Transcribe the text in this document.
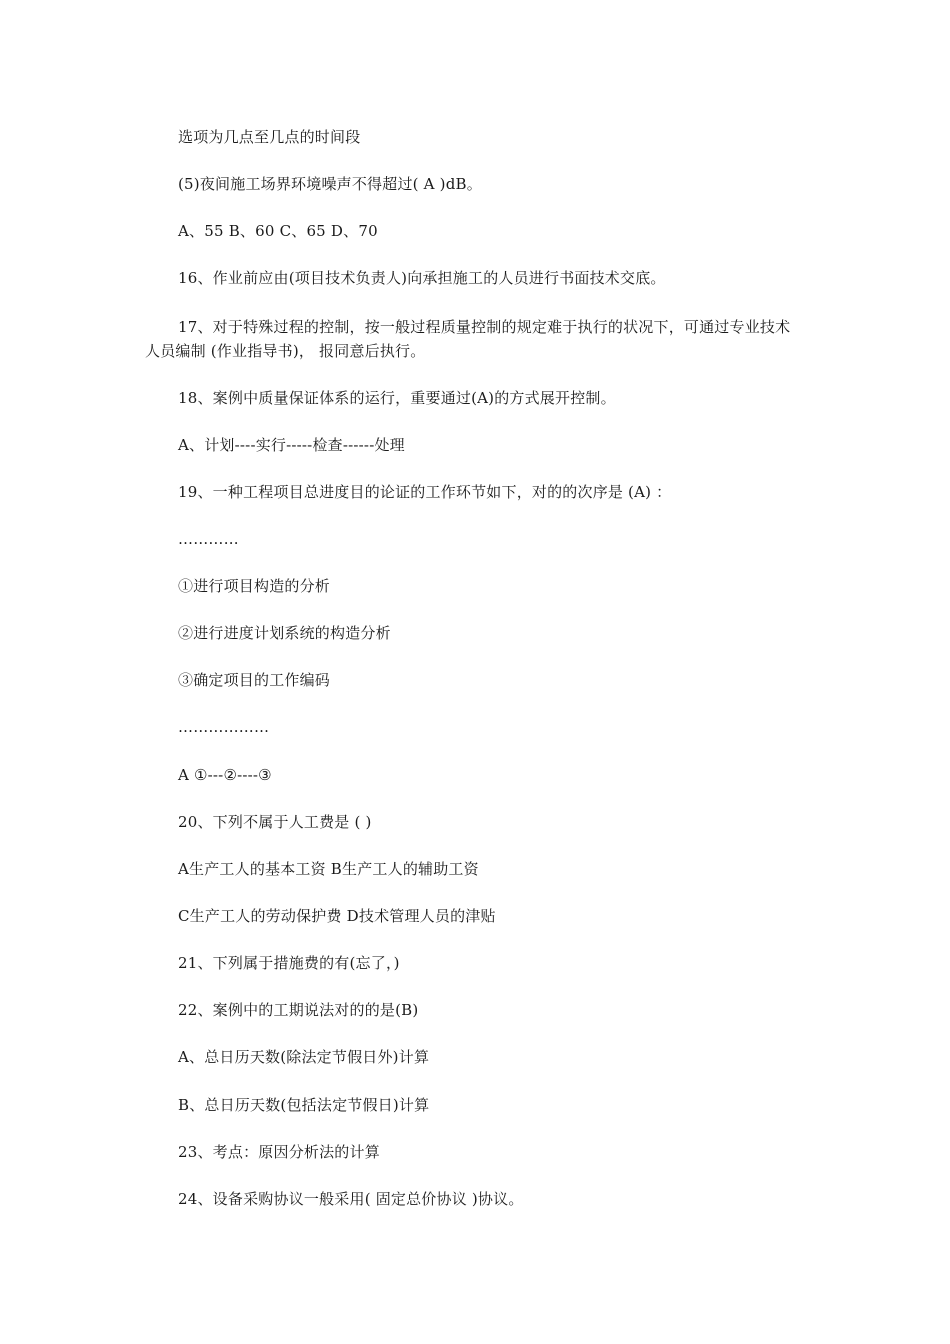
选项为几点至几点的时间段
(5)夜间施工场界环境噪声不得超过( A )dB。
A、55 B、60 C、65 D、70
16、作业前应由(项目技术负责人)向承担施工的人员进行书面技术交底。
17、对于特殊过程的控制，按一般过程质量控制的规定难于执行的状况下，可通过专业技术人员编制 (作业指导书)， 报同意后执行。
18、案例中质量保证体系的运行，重要通过(A)的方式展开控制。
A、计划----实行-----检查------处理
19、一种工程项目总进度目的论证的工作环节如下，对的的次序是 (A) ：
…………
①进行项目构造的分析
②进行进度计划系统的构造分析
③确定项目的工作编码
………………
A ①---②----③
20、下列不属于人工费是 ( )
A生产工人的基本工资 B生产工人的辅助工资
C生产工人的劳动保护费 D技术管理人员的津贴
21、下列属于措施费的有(忘了，)
22、案例中的工期说法对的的是(B)
A、总日历天数(除法定节假日外)计算
B、总日历天数(包括法定节假日)计算
23、考点：原因分析法的计算
24、设备采购协议一般采用( 固定总价协议 )协议。
